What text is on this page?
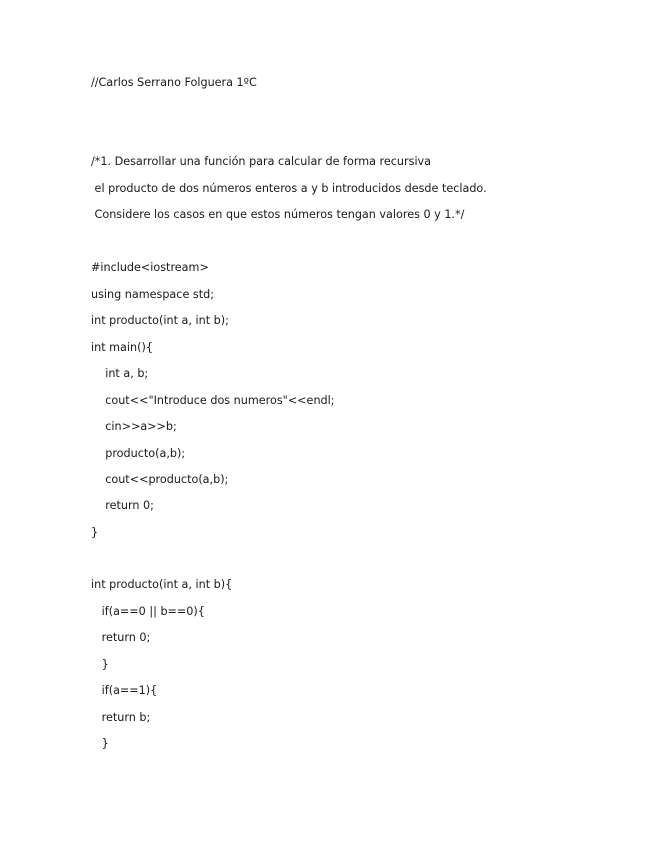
//Carlos Serrano Folguera 1ºC
/*1. Desarrollar una función para calcular de forma recursiva
el producto de dos números enteros a y b introducidos desde teclado.
Considere los casos en que estos números tengan valores 0 y 1.*/
#include<iostream>
using namespace std;
int producto(int a, int b);
int main(){
int a, b;
cout<<"Introduce dos numeros"<<endl;
cin>>a>>b;
producto(a,b);
cout<<producto(a,b);
return 0;
}
int producto(int a, int b){
if(a==0 || b==0){
return 0;
}
if(a==1){
return b;
}
